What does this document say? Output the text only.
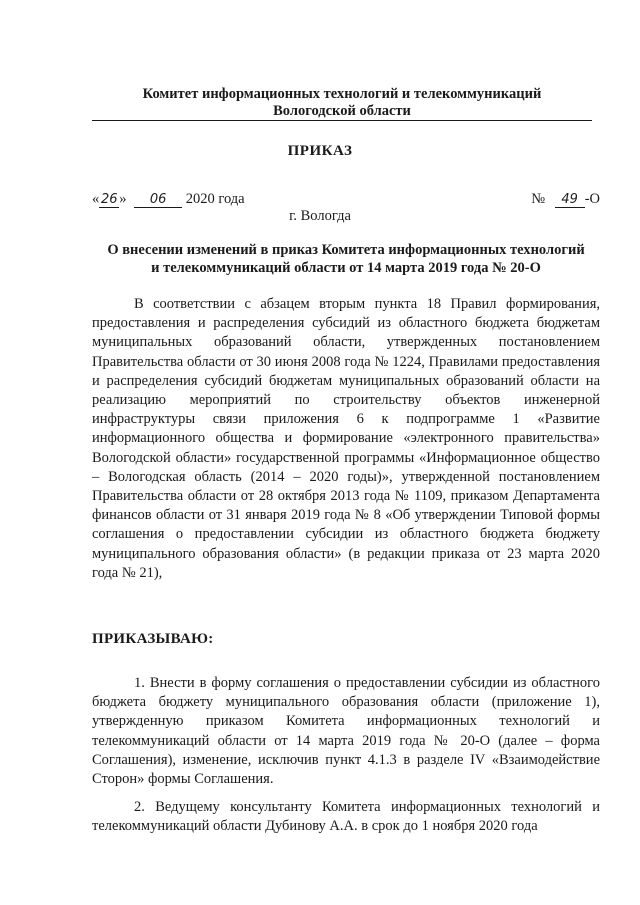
Комитет информационных технологий и телекоммуникаций
Вологодской области
ПРИКАЗ
« 26 » 06 2020 года	№ 49 -О
г. Вологда
О внесении изменений в приказ Комитета информационных технологий
и телекоммуникаций области от 14 марта 2019 года № 20-О
В соответствии с абзацем вторым пункта 18 Правил формирования, предоставления и распределения субсидий из областного бюджета бюджетам муниципальных образований области, утвержденных постановлением Правительства области от 30 июня 2008 года № 1224, Правилами предоставления и распределения субсидий бюджетам муниципальных образований области на реализацию мероприятий по строительству объектов инженерной инфраструктуры связи приложения 6 к подпрограмме 1 «Развитие информационного общества и формирование «электронного правительства» Вологодской области» государственной программы «Информационное общество – Вологодская область (2014 – 2020 годы)», утвержденной постановлением Правительства области от 28 октября 2013 года № 1109, приказом Департамента финансов области от 31 января 2019 года № 8 «Об утверждении Типовой формы соглашения о предоставлении субсидии из областного бюджета бюджету муниципального образования области» (в редакции приказа от 23 марта 2020 года № 21),
ПРИКАЗЫВАЮ:
1. Внести в форму соглашения о предоставлении субсидии из областного бюджета бюджету муниципального образования области (приложение 1), утвержденную приказом Комитета информационных технологий и телекоммуникаций области от 14 марта 2019 года № 20-О (далее – форма Соглашения), изменение, исключив пункт 4.1.3 в разделе IV «Взаимодействие Сторон» формы Соглашения.
2. Ведущему консультанту Комитета информационных технологий и телекоммуникаций области Дубинову А.А. в срок до 1 ноября 2020 года
